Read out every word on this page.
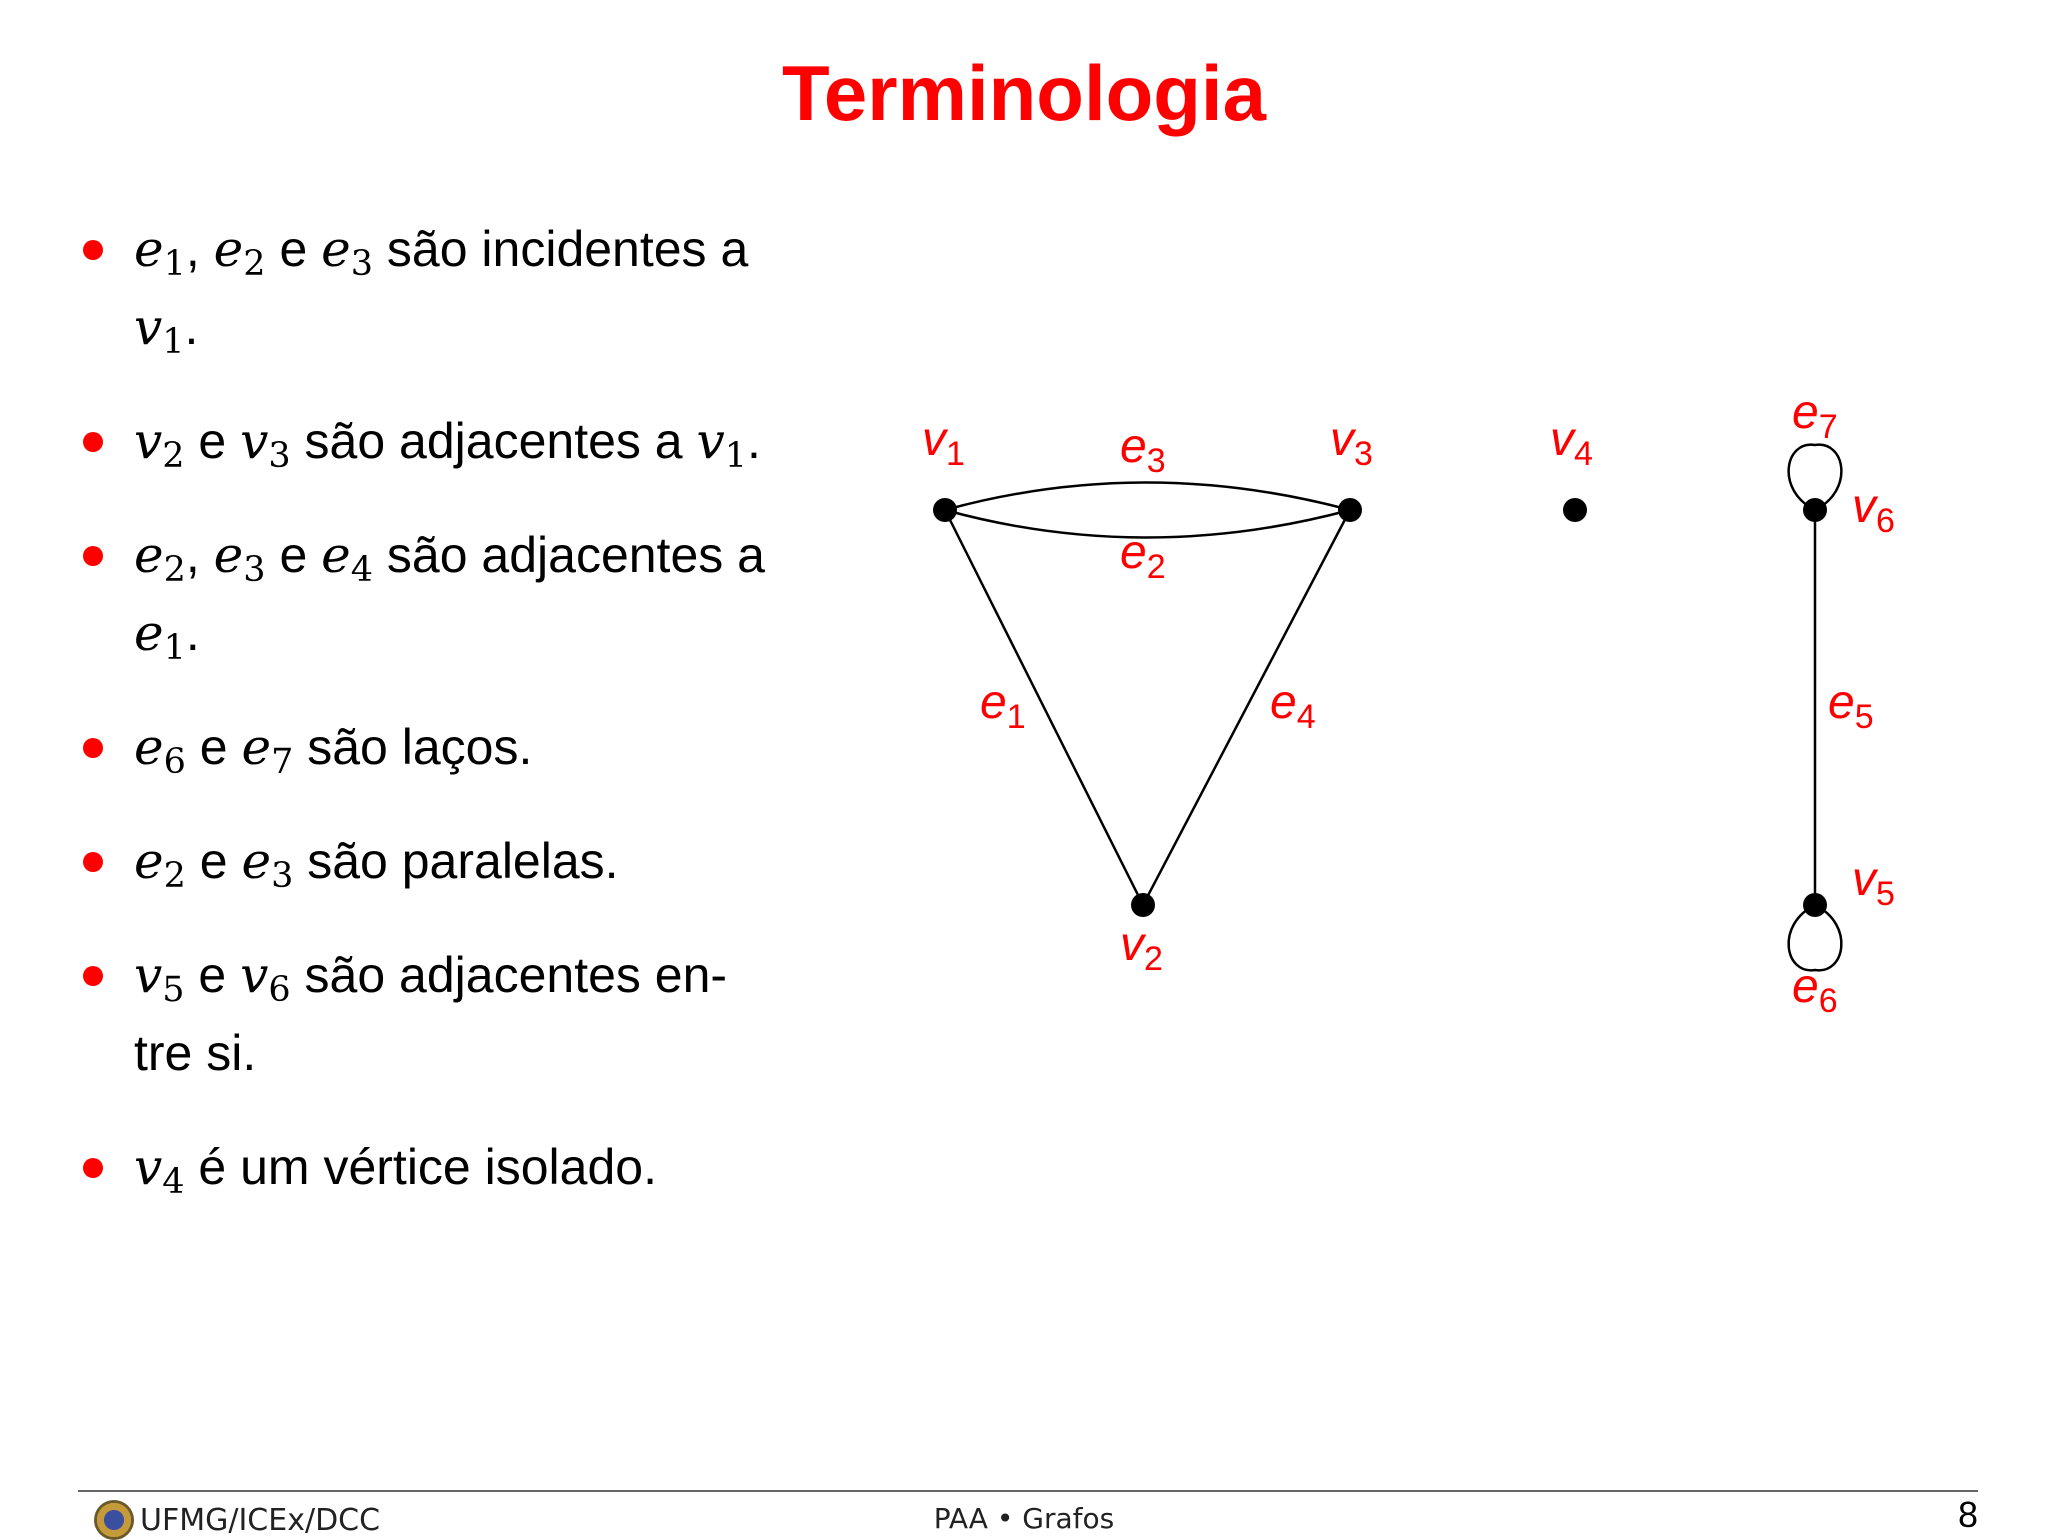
Terminologia
$e_1$, $e_2$ e $e_3$ são incidentes a
$v_1$.
$v_2$ e $v_3$ são adjacentes a $v_1$.
$e_2$, $e_3$ e $e_4$ são adjacentes a $e_1$.
$e_6$ e $e_7$ são laços.
$e_2$ e $e_3$ são paralelas.
$v_5$ e $v_6$ são adjacentes en-
tre si.
$v_4$ é um vértice isolado.
$v_1$	$v_3$	$v_4$
$v_6$
$v_2$
$v_5$
$e_3$
$e_2$
$e_1$	$e_4$	$e_5$
$e_7$
$e_6$
UFMG/ICEx/DCC	PAA • Grafos	8
